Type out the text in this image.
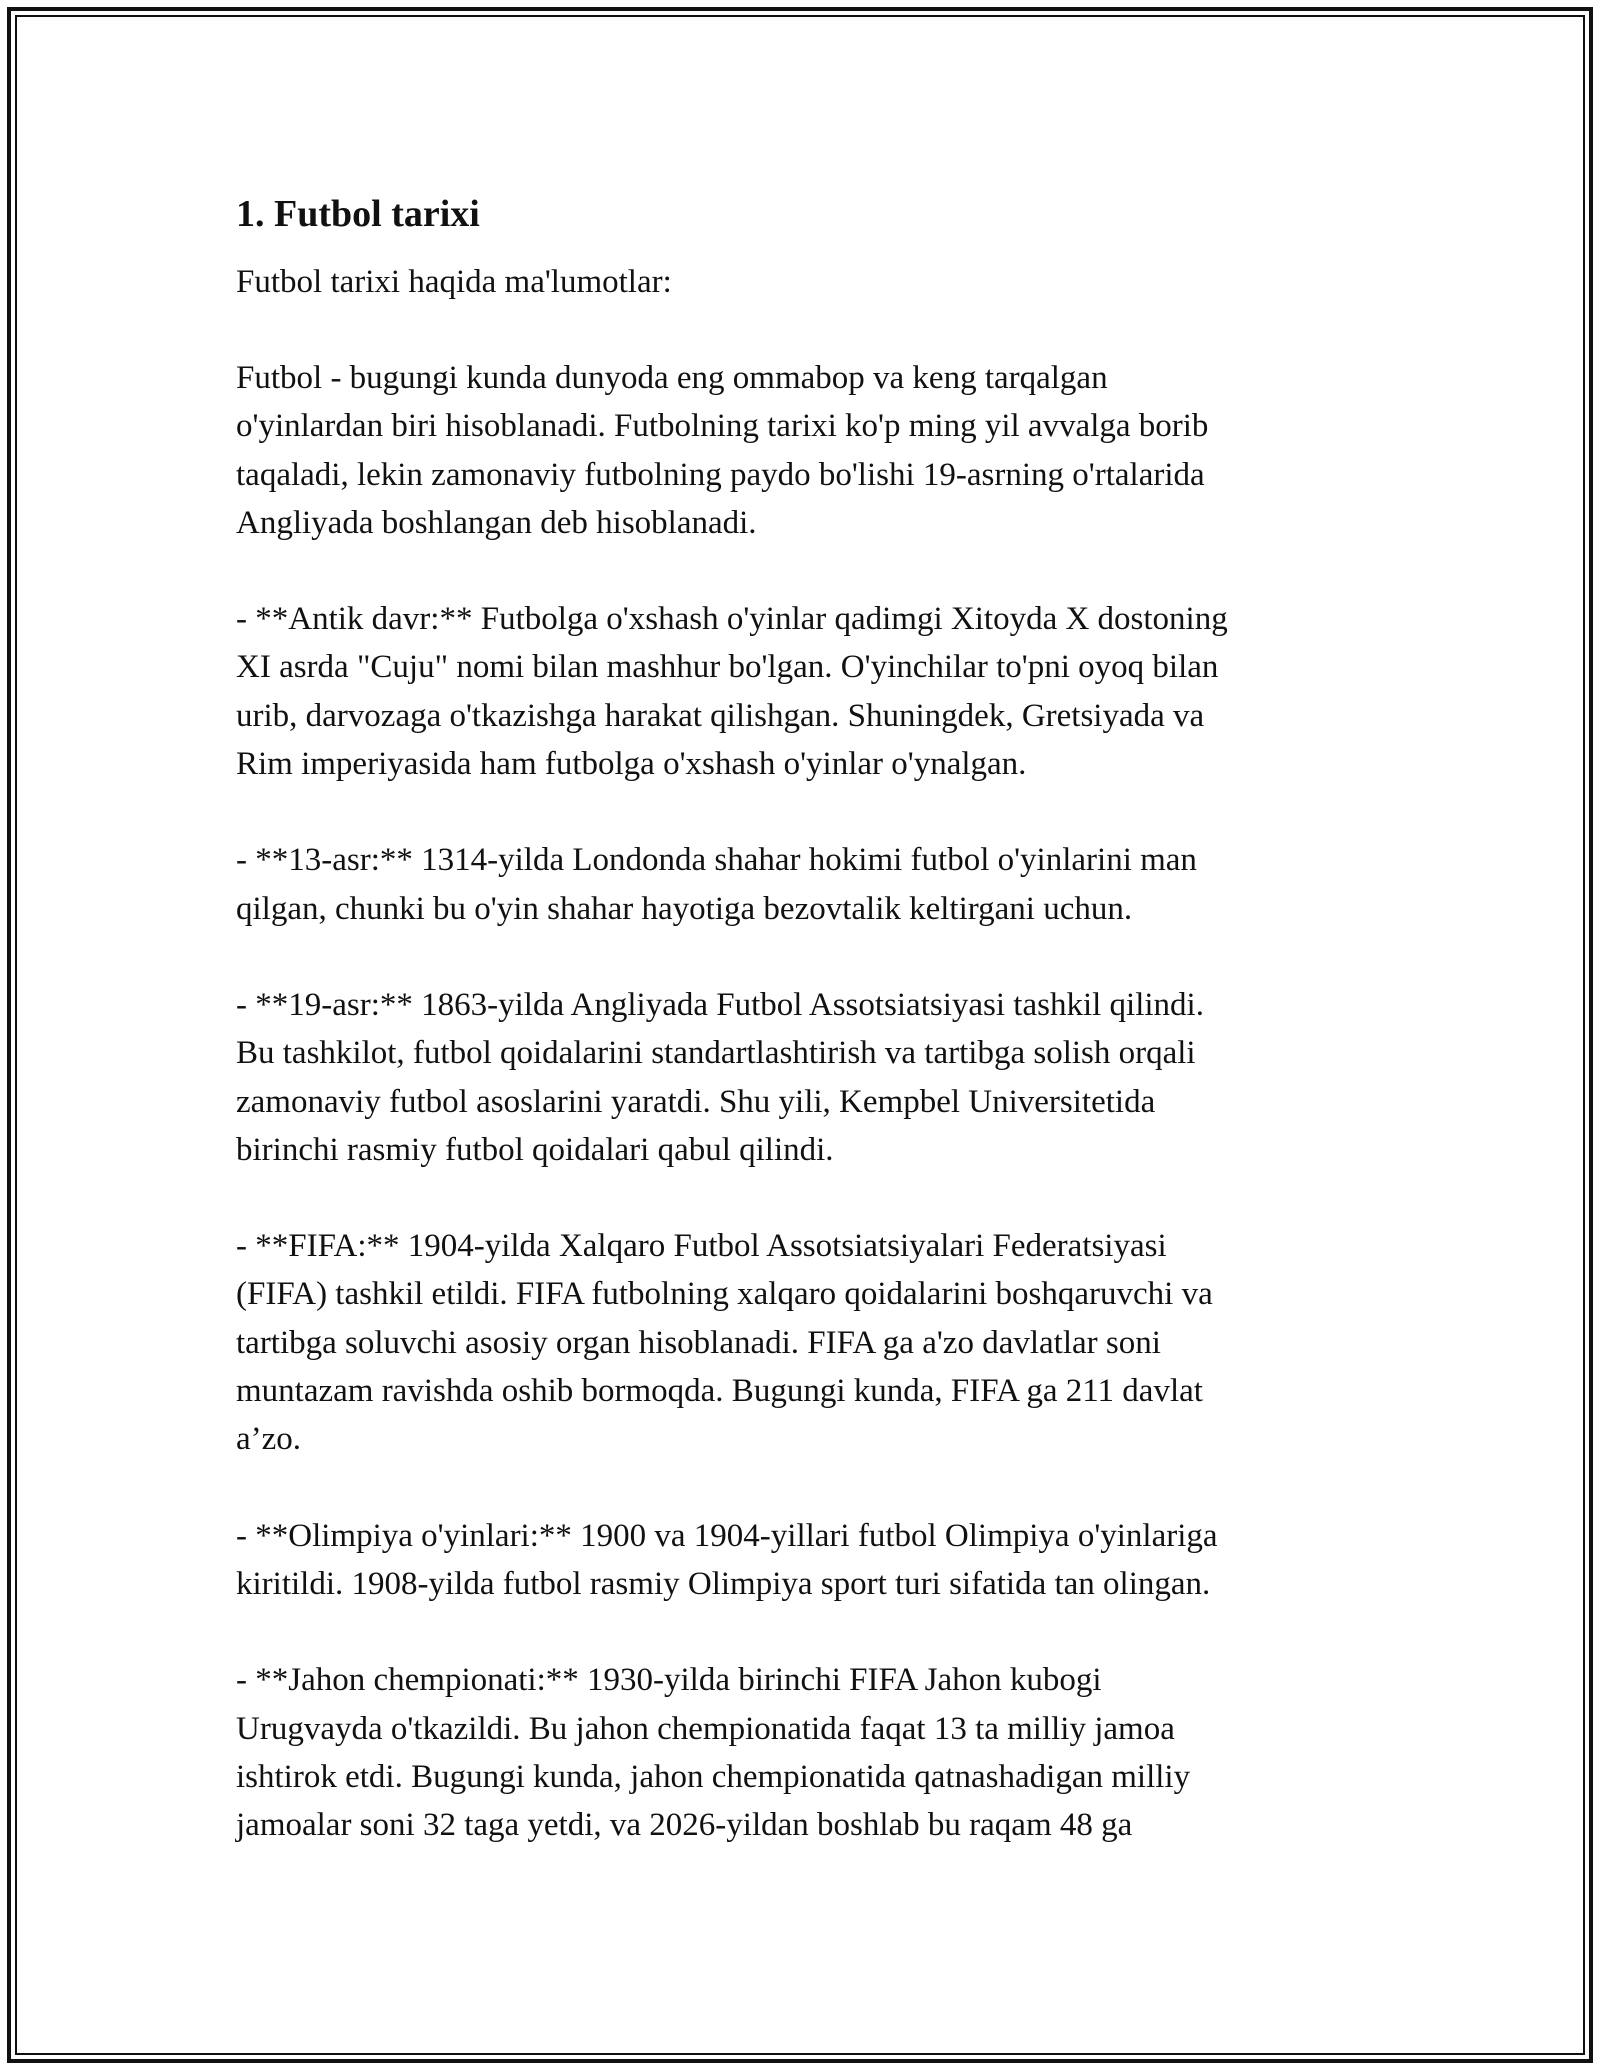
1. Futbol tarixi

Futbol tarixi haqida ma'lumotlar:

Futbol - bugungi kunda dunyoda eng ommabop va keng tarqalgan
o'yinlardan biri hisoblanadi. Futbolning tarixi ko'p ming yil avvalga borib
taqaladi, lekin zamonaviy futbolning paydo bo'lishi 19-asrning o'rtalarida
Angliyada boshlangan deb hisoblanadi.

- **Antik davr:** Futbolga o'xshash o'yinlar qadimgi Xitoyda X dostoning
XI asrda "Cuju" nomi bilan mashhur bo'lgan. O'yinchilar to'pni oyoq bilan
urib, darvozaga o'tkazishga harakat qilishgan. Shuningdek, Gretsiyada va
Rim imperiyasida ham futbolga o'xshash o'yinlar o'ynalgan.

- **13-asr:** 1314-yilda Londonda shahar hokimi futbol o'yinlarini man
qilgan, chunki bu o'yin shahar hayotiga bezovtalik keltirgani uchun.

- **19-asr:** 1863-yilda Angliyada Futbol Assotsiatsiyasi tashkil qilindi.
Bu tashkilot, futbol qoidalarini standartlashtirish va tartibga solish orqali
zamonaviy futbol asoslarini yaratdi. Shu yili, Kempbel Universitetida
birinchi rasmiy futbol qoidalari qabul qilindi.

- **FIFA:** 1904-yilda Xalqaro Futbol Assotsiatsiyalari Federatsiyasi
(FIFA) tashkil etildi. FIFA futbolning xalqaro qoidalarini boshqaruvchi va
tartibga soluvchi asosiy organ hisoblanadi. FIFA ga a'zo davlatlar soni
muntazam ravishda oshib bormoqda. Bugungi kunda, FIFA ga 211 davlat
a’zo.

- **Olimpiya o'yinlari:** 1900 va 1904-yillari futbol Olimpiya o'yinlariga
kiritildi. 1908-yilda futbol rasmiy Olimpiya sport turi sifatida tan olingan.

- **Jahon chempionati:** 1930-yilda birinchi FIFA Jahon kubogi
Urugvayda o'tkazildi. Bu jahon chempionatida faqat 13 ta milliy jamoa
ishtirok etdi. Bugungi kunda, jahon chempionatida qatnashadigan milliy
jamoalar soni 32 taga yetdi, va 2026-yildan boshlab bu raqam 48 ga
